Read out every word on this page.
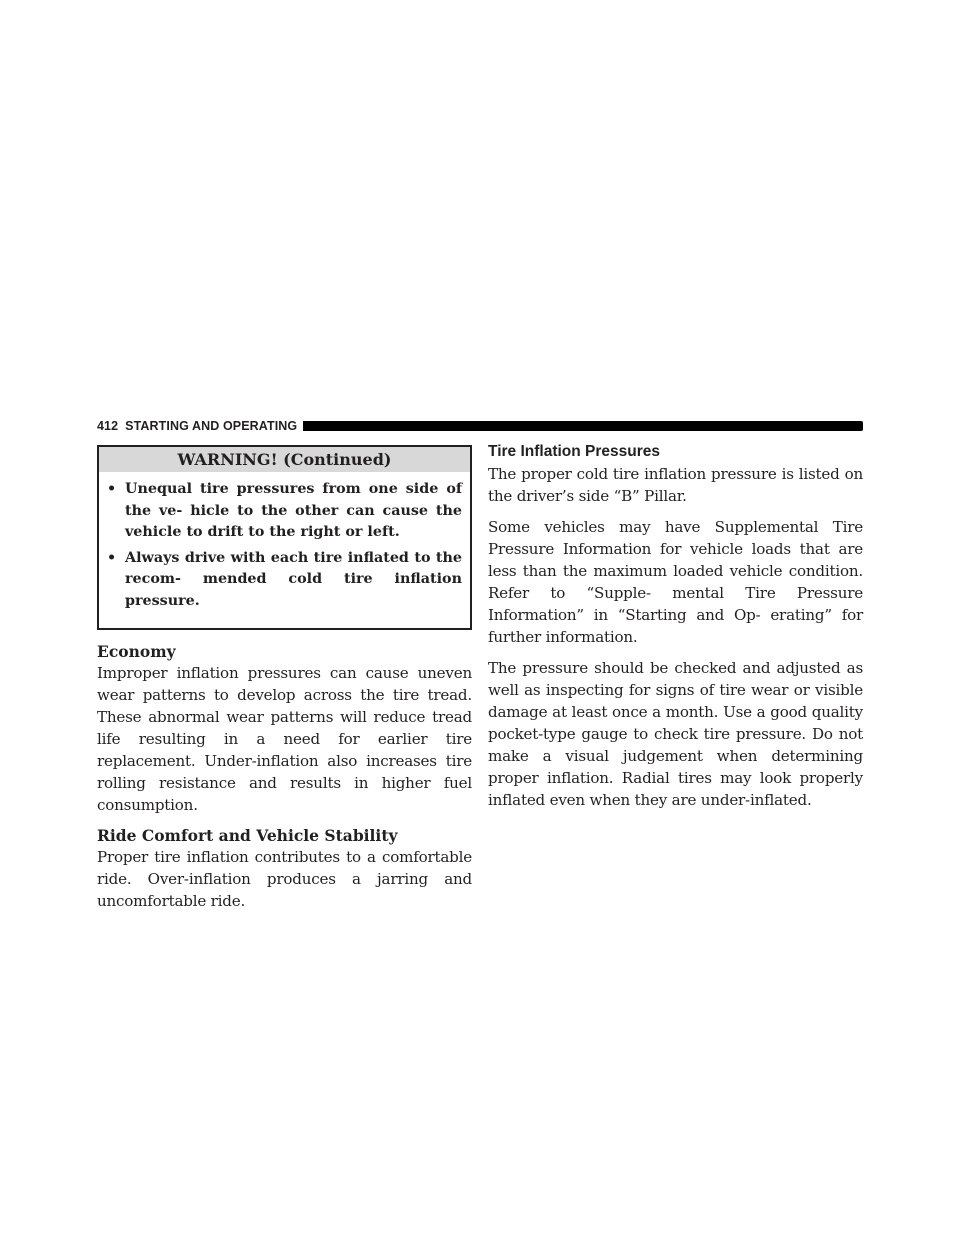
412 STARTING AND OPERATING
WARNING! (Continued)
• Unequal tire pressures from one side of the ve- hicle to the other can cause the vehicle to drift to the right or left.
• Always drive with each tire inflated to the recom- mended cold tire inflation pressure.
Economy

Improper inflation pressures can cause uneven wear patterns to develop across the tire tread. These abnormal wear patterns will reduce tread life resulting in a need for earlier tire replacement. Under-inflation also increases tire rolling resistance and results in higher fuel consumption.

Ride Comfort and Vehicle Stability

Proper tire inflation contributes to a comfortable ride. Over-inflation produces a jarring and uncomfortable ride.

Tire Inflation Pressures

The proper cold tire inflation pressure is listed on the driver’s side “B” Pillar.

Some vehicles may have Supplemental Tire Pressure Information for vehicle loads that are less than the maximum loaded vehicle condition. Refer to “Supple- mental Tire Pressure Information” in “Starting and Op- erating” for further information.

The pressure should be checked and adjusted as well as inspecting for signs of tire wear or visible damage at least once a month. Use a good quality pocket-type gauge to check tire pressure. Do not make a visual judgement when determining proper inflation. Radial tires may look properly inflated even when they are under-inflated.
